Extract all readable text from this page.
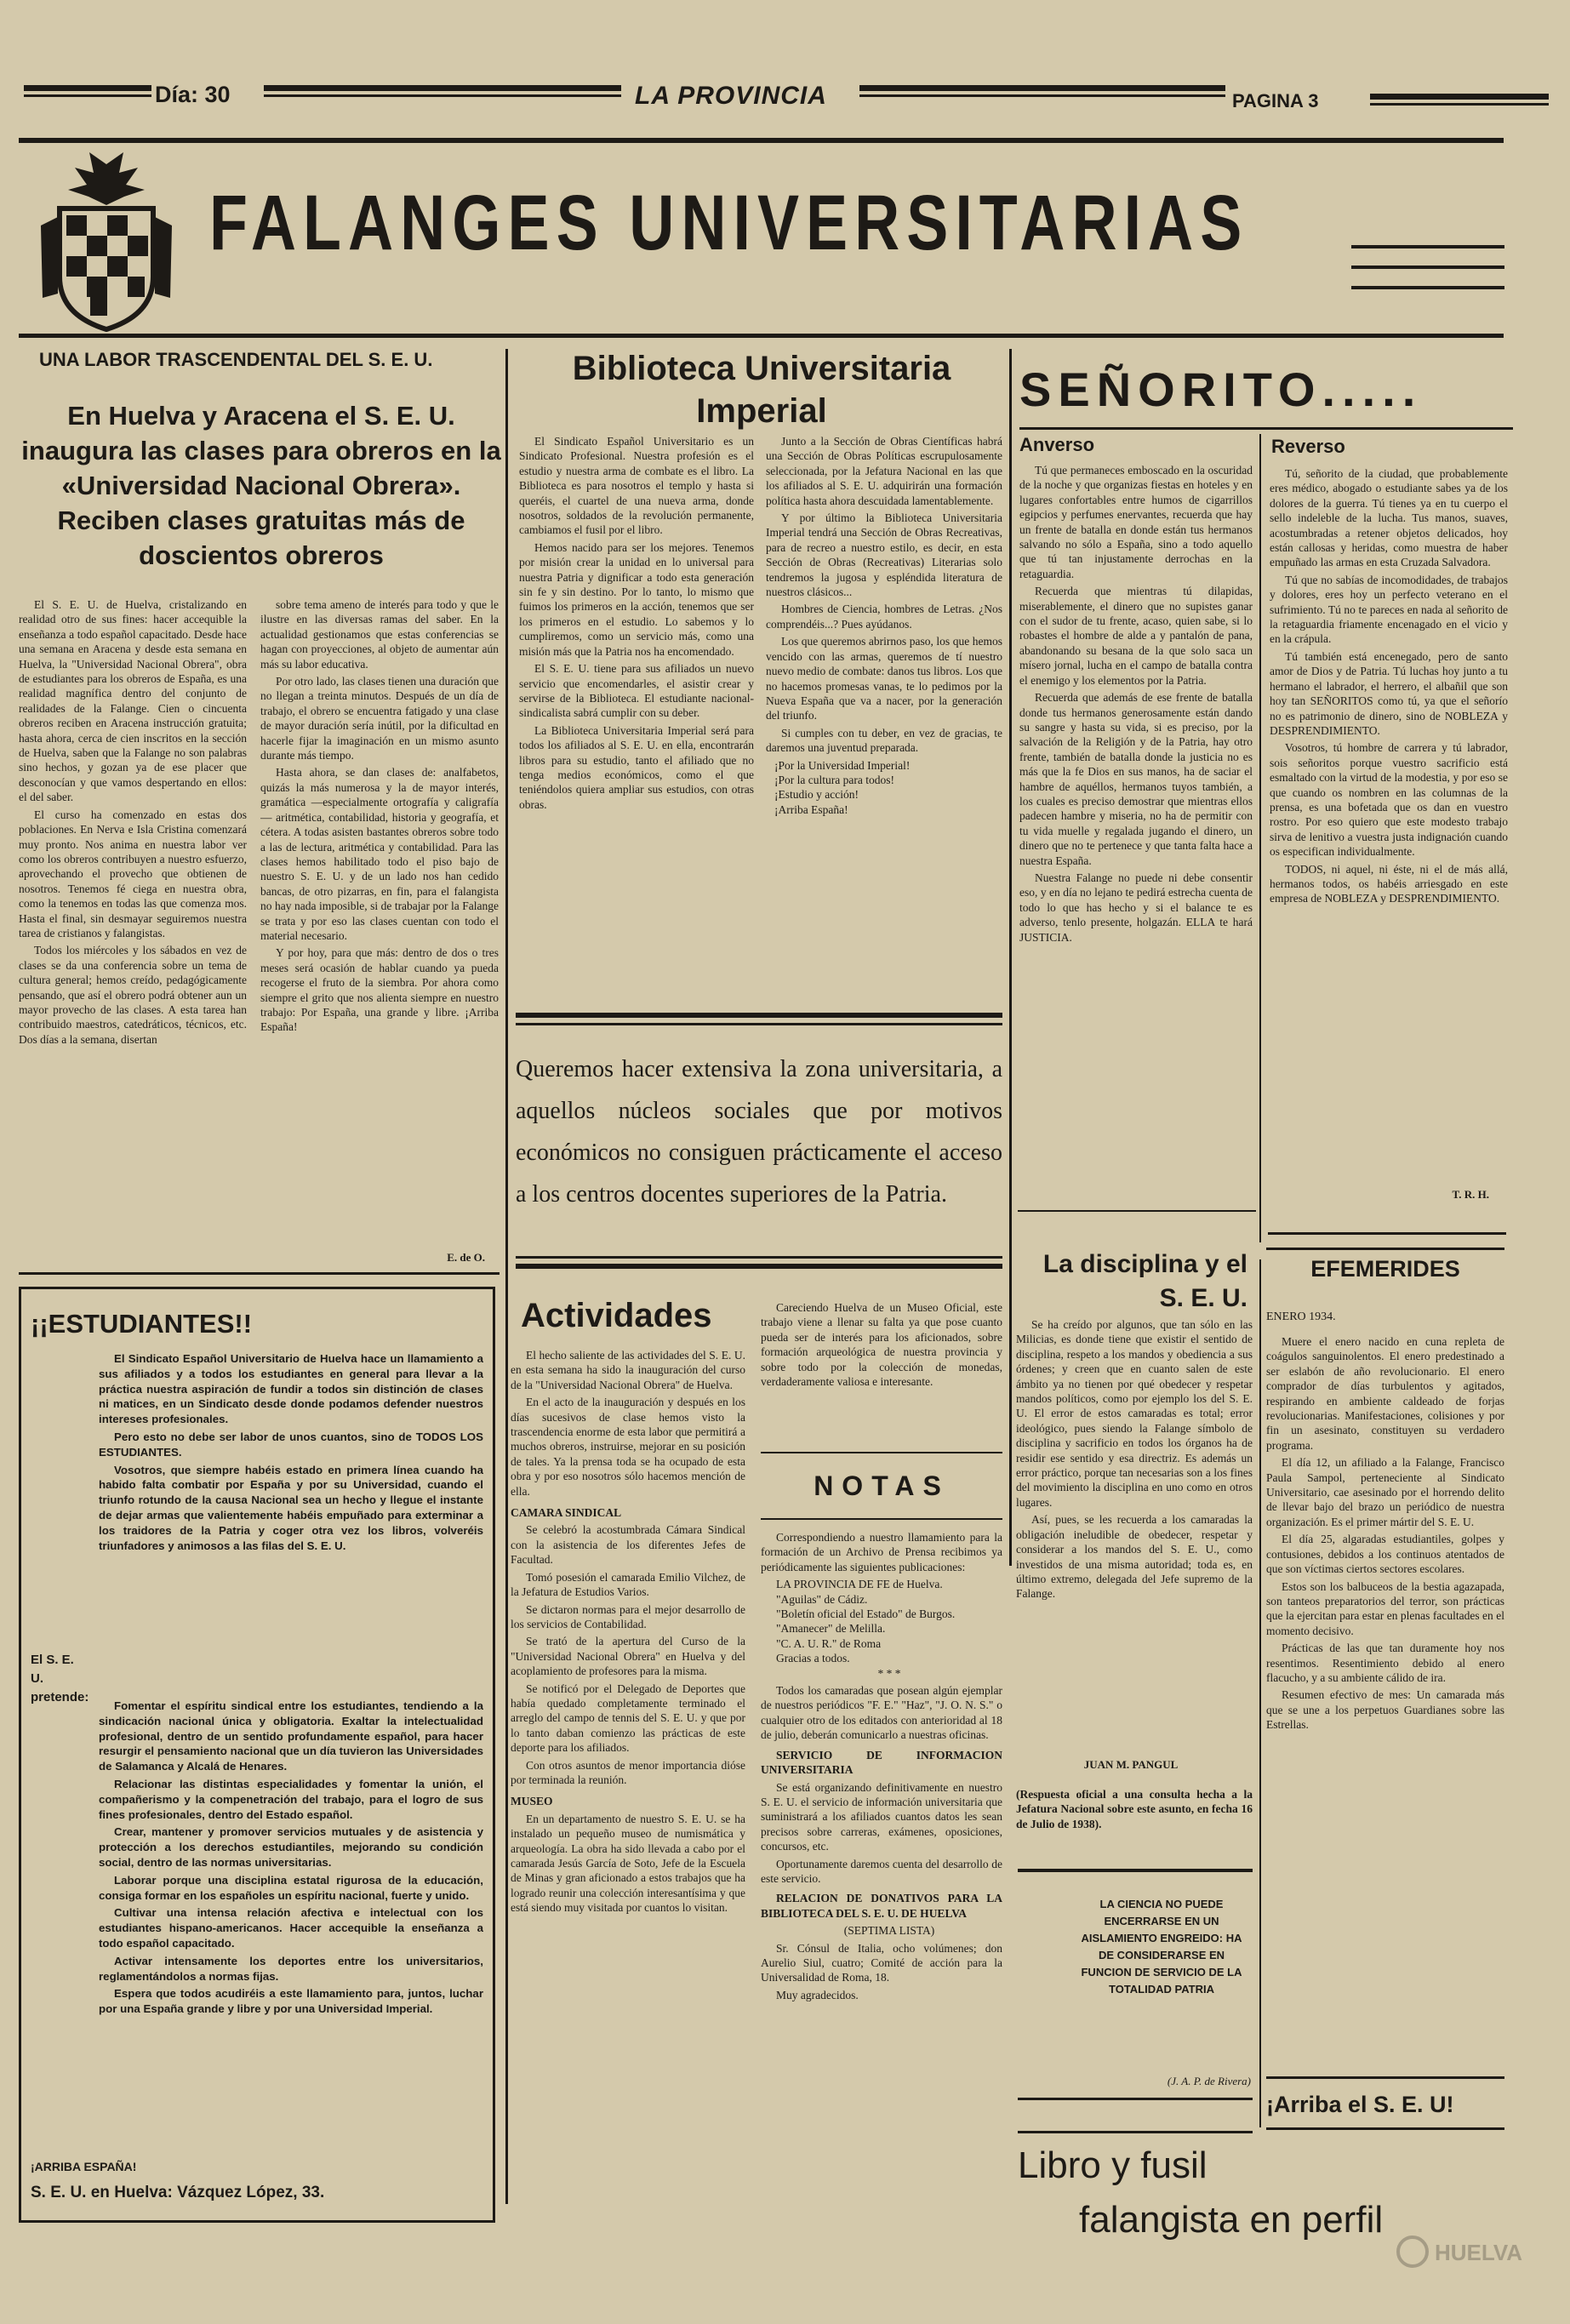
Día: 30	LA PROVINCIA	PAGINA 3
FALANGES UNIVERSITARIAS
UNA LABOR TRASCENDENTAL DEL S. E. U.
En Huelva y Aracena el S. E. U. inaugura las clases para obreros en la «Universidad Nacional Obrera». Reciben clases gratuitas más de doscientos obreros

El S. E. U. de Huelva, cristalizando en realidad otro de sus fines: hacer accequible la enseñanza a todo español capacitado. Desde hace una semana en Aracena y desde esta semana en Huelva, la "Universidad Nacional Obrera", obra de estudiantes para los obreros de España, es una realidad magnífica dentro del conjunto de realidades de la Falange. Cien o cincuenta obreros reciben en Aracena instrucción gratuita; hasta ahora, cerca de cien inscritos en la sección de Huelva, saben que la Falange no son palabras sino hechos, y gozan ya de ese placer que desconocían y que vamos despertando en ellos: el del saber.

El curso ha comenzado en estas dos poblaciones. En Nerva e Isla Cristina comenzará muy pronto. Nos anima en nuestra labor ver como los obreros contribuyen a nuestro esfuerzo, aprovechando el provecho que obtienen de nosotros. Tenemos fé ciega en nuestra obra, como la tenemos en todas las que comenza mos. Hasta el final, sin desmayar seguiremos nuestra tarea de cristianos y falangistas.

Todos los miércoles y los sábados en vez de clases se da una conferencia sobre un tema de cultura general; hemos creído, pedagógicamente pensando, que así el obrero podrá obtener aun un mayor provecho de las clases. A esta tarea han contribuido maestros, catedráticos, técnicos, etc. Dos días a la semana, disertan

sobre tema ameno de interés para todo y que le ilustre en las diversas ramas del saber. En la actualidad gestionamos que estas conferencias se hagan con proyecciones, al objeto de aumentar aún más su labor educativa.

Por otro lado, las clases tienen una duración que no llegan a treinta minutos. Después de un día de trabajo, el obrero se encuentra fatigado y una clase de mayor duración sería inútil, por la dificultad en hacerle fijar la imaginación en un mismo asunto durante más tiempo.

Hasta ahora, se dan clases de: analfabetos, quizás la más numerosa y la de mayor interés, gramática —especialmente ortografía y caligrafía— aritmética, contabilidad, historia y geografía, et cétera. A todas asisten bastantes obreros sobre todo a las de lectura, aritmética y contabilidad. Para las clases hemos habilitado todo el piso bajo de nuestro S. E. U. y de un lado nos han cedido bancas, de otro pizarras, en fin, para el falangista no hay nada imposible, si de trabajar por la Falange se trata y por eso las clases cuentan con todo el material necesario.

Y por hoy, para que más: dentro de dos o tres meses será ocasión de hablar cuando ya pueda recogerse el fruto de la siembra. Por ahora como siempre el grito que nos alienta siempre en nuestro trabajo: Por España, una grande y libre. ¡Arriba España!

E. de O.
Biblioteca Universitaria Imperial

El Sindicato Español Universitario es un Sindicato Profesional. Nuestra profesión es el estudio y nuestra arma de combate es el libro. La Biblioteca es para nosotros el templo y hasta si queréis, el cuartel de una nueva arma, donde nosotros, soldados de la revolución permanente, cambiamos el fusil por el libro.

Hemos nacido para ser los mejores. Tenemos por misión crear la unidad en lo universal para nuestra Patria y dignificar a todo esta generación sin fe y sin destino. Por lo tanto, lo mismo que fuimos los primeros en la acción, tenemos que ser los primeros en el estudio. Lo sabemos y lo cumpliremos, como un servicio más, como una misión más que la Patria nos ha encomendado.

El S. E. U. tiene para sus afiliados un nuevo servicio que encomendarles, el asistir crear y servirse de la Biblioteca. El estudiante nacional-sindicalista sabrá cumplir con su deber.

La Biblioteca Universitaria Imperial será para todos los afiliados al S. E. U. en ella, encontrarán libros para su estudio, tanto el afiliado que no tenga medios económicos, como el que teniéndolos quiera ampliar sus estudios, con otras obras.

Junto a la Sección de Obras Científicas habrá una Sección de Obras Políticas escrupulosamente seleccionada, por la Jefatura Nacional en las que los afiliados al S. E. U. adquirirán una formación política hasta ahora descuidada lamentablemente.

Y por último la Biblioteca Universitaria Imperial tendrá una Sección de Obras Recreativas, para de recreo a nuestro estilo, es decir, en esta Sección de Obras (Recreativas) Literarias solo tendremos la jugosa y espléndida literatura de nuestros clásicos...

Hombres de Ciencia, hombres de Letras. ¿Nos comprendéis...? Pues ayúdanos.

Los que queremos abrirnos paso, los que hemos vencido con las armas, queremos de tí nuestro nuevo medio de combate: danos tus libros. Los que no hacemos promesas vanas, te lo pedimos por la Nueva España que va a nacer, por la generación del triunfo.

Si cumples con tu deber, en vez de gracias, te daremos una juventud preparada.

¡Por la Universidad Imperial!
¡Por la cultura para todos!
¡Estudio y acción!
¡Arriba España!
Queremos hacer extensiva la zona universitaria, a aquellos núcleos sociales que por motivos económicos no consiguen prácticamente el acceso a los centros docentes superiores de la Patria.
SEÑORITO.....
Anverso	Reverso

Tú que permaneces emboscado en la oscuridad de la noche y que organizas fiestas en hoteles y en lugares confortables entre humos de cigarrillos egipcios y perfumes enervantes, recuerda que hay un frente de batalla en donde están tus hermanos salvando no sólo a España, sino a todo aquello que tú tan injustamente derrochas en la retaguardia.

Recuerda que mientras tú dilapidas, miserablemente, el dinero que no supistes ganar con el sudor de tu frente, acaso, quien sabe, si lo robastes el hombre de alde a y pantalón de pana, abandonando su besana de la que solo saca un mísero jornal, lucha en el campo de batalla contra el enemigo y los elementos por la Patria.

Recuerda que además de ese frente de batalla donde tus hermanos generosamente están dando su sangre y hasta su vida, si es preciso, por la salvación de la Religión y de la Patria, hay otro frente, también de batalla donde la justicia no es más que la fe Dios en sus manos, ha de saciar el hambre de aquéllos, hermanos tuyos también, a los cuales es preciso demostrar que mientras ellos padecen hambre y miseria, no ha de permitir con tu vida muelle y regalada jugando el dinero, un dinero que no te pertenece y que tanta falta hace a nuestra España.

Nuestra Falange no puede ni debe consentir eso, y en día no lejano te pedirá estrecha cuenta de todo lo que has hecho y si el balance te es adverso, tenlo presente, holgazán. ELLA te hará JUSTICIA.

Tú, señorito de la ciudad, que probablemente eres médico, abogado o estudiante sabes ya de los dolores de la guerra. Tú tienes ya en tu cuerpo el sello indeleble de la lucha. Tus manos, suaves, acostumbradas a retener objetos delicados, hoy están callosas y heridas, como muestra de haber empuñado las armas en esta Cruzada Salvadora.

Tú que no sabías de incomodidades, de trabajos y dolores, eres hoy un perfecto veterano en el sufrimiento. Tú no te pareces en nada al señorito de la retaguardia friamente encenagado en el vicio y en la crápula.

Tú también está encenegado, pero de santo amor de Dios y de Patria. Tú luchas hoy junto a tu hermano el labrador, el herrero, el albañil que son hoy tan SEÑORITOS como tú, ya que el señorío no es patrimonio de dinero, sino de NOBLEZA y DESPRENDIMIENTO.

Vosotros, tú hombre de carrera y tú labrador, sois señoritos porque vuestro sacrificio está esmaltado con la virtud de la modestia, y por eso se que cuando os nombren en las columnas de la prensa, es una bofetada que os dan en vuestro rostro. Por eso quiero que este modesto trabajo sirva de lenitivo a vuestra justa indignación cuando os especifican individualmente.

TODOS, ni aquel, ni éste, ni el de más allá, hermanos todos, os habéis arriesgado en este empresa de NOBLEZA y DESPRENDIMIENTO.

T. R. H.
¡¡ESTUDIANTES!!

El Sindicato Español Universitario de Huelva hace un llamamiento a sus afiliados y a todos los estudiantes en general para llevar a la práctica nuestra aspiración de fundir a todos sin distinción de clases ni matices, en un Sindicato desde donde podamos defender nuestros intereses profesionales.

Pero esto no debe ser labor de unos cuantos, sino de TODOS LOS ESTUDIANTES.

Vosotros, que siempre habéis estado en primera línea cuando ha habido falta combatir por España y por su Universidad, cuando el triunfo rotundo de la causa Nacional sea un hecho y llegue el instante de dejar armas que valientemente habéis empuñado para exterminar a los traidores de la Patria y coger otra vez los libros, volveréis triunfadores y animosos a las filas del S. E. U.

El S. E. U. pretende:

Fomentar el espíritu sindical entre los estudiantes, tendiendo a la sindicación nacional única y obligatoria. Exaltar la intelectualidad profesional, dentro de un sentido profundamente español, para hacer resurgir el pensamiento nacional que un día tuvieron las Universidades de Salamanca y Alcalá de Henares.

Relacionar las distintas especialidades y fomentar la unión, el compañerismo y la compenetración del trabajo, para el logro de sus fines profesionales, dentro del Estado español.

Crear, mantener y promover servicios mutuales y de asistencia y protección a los derechos estudiantiles, mejorando su condición social, dentro de las normas universitarias.

Laborar porque una disciplina estatal rigurosa de la educación, consiga formar en los españoles un espíritu nacional, fuerte y unido.

Cultivar una intensa relación afectiva e intelectual con los estudiantes hispano-americanos. Hacer accequible la enseñanza a todo español capacitado.

Activar intensamente los deportes entre los universitarios, reglamentándolos a normas fijas.

Espera que todos acudiréis a este llamamiento para, juntos, luchar por una España grande y libre y por una Universidad Imperial.

¡ARRIBA ESPAÑA!
S. E. U. en Huelva: Vázquez López, 33.
Actividades

El hecho saliente de las actividades del S. E. U. en esta semana ha sido la inauguración del curso de la "Universidad Nacional Obrera" de Huelva.

En el acto de la inauguración y después en los días sucesivos de clase hemos visto la trascendencia enorme de esta labor que permitirá a muchos obreros, instruirse, mejorar en su posición de tales. Ya la prensa toda se ha ocupado de esta obra y por eso nosotros sólo hacemos mención de ella.

CAMARA SINDICAL

Se celebró la acostumbrada Cámara Sindical con la asistencia de los diferentes Jefes de Facultad.

Tomó posesión el camarada Emilio Vilchez, de la Jefatura de Estudios Varios.

Se dictaron normas para el mejor desarrollo de los servicios de Contabilidad.

Se trató de la apertura del Curso de la "Universidad Nacional Obrera" en Huelva y del acoplamiento de profesores para la misma.

Se notificó por el Delegado de Deportes que había quedado completamente terminado el arreglo del campo de tennis del S. E. U. y que por lo tanto daban comienzo las prácticas de este deporte para los afiliados.

Con otros asuntos de menor importancia dióse por terminada la reunión.

MUSEO

En un departamento de nuestro S. E. U. se ha instalado un pequeño museo de numismática y arqueología. La obra ha sido llevada a cabo por el camarada Jesús García de Soto, Jefe de la Escuela de Minas y gran aficionado a estos trabajos que ha logrado reunir una colección interesantísima y que está siendo muy visitada por cuantos lo visitan.

Careciendo Huelva de un Museo Oficial, este trabajo viene a llenar su falta ya que pose cuanto pueda ser de interés para los aficionados, sobre formación arqueológica de nuestra provincia y sobre todo por la colección de monedas, verdaderamente valiosa e interesante.

NOTAS

Correspondiendo a nuestro llamamiento para la formación de un Archivo de Prensa recibimos ya periódicamente las siguientes publicaciones:

LA PROVINCIA DE FE de Huelva.
"Aguilas" de Cádiz.
"Boletín oficial del Estado" de Burgos.
"Amanecer" de Melilla.
"C. A. U. R." de Roma
Gracias a todos.

* * *

Todos los camaradas que posean algún ejemplar de nuestros periódicos "F. E." "Haz", "J. O. N. S." o cualquier otro de los editados con anterioridad al 18 de julio, deberán comunicarlo a nuestras oficinas.

SERVICIO DE INFORMACION UNIVERSITARIA

Se está organizando definitivamente en nuestro S. E. U. el servicio de información universitaria que suministrará a los afiliados cuantos datos les sean precisos sobre carreras, exámenes, oposiciones, concursos, etc.

Oportunamente daremos cuenta del desarrollo de este servicio.

RELACION DE DONATIVOS PARA LA BIBLIOTECA DEL S. E. U. DE HUELVA

(SEPTIMA LISTA)

Sr. Cónsul de Italia, ocho volúmenes; don Aurelio Siul, cuatro; Comité de acción para la Universalidad de Roma, 18.

Muy agradecidos.

La disciplina y el S. E. U.

Se ha creído por algunos, que tan sólo en las Milicias, es donde tiene que existir el sentido de disciplina, respeto a los mandos y obediencia a sus órdenes; y creen que en cuanto salen de este ámbito ya no tienen por qué obedecer y respetar mandos políticos, como por ejemplo los del S. E. U. El error de estos camaradas es total; error ideológico, pues siendo la Falange símbolo de disciplina y sacrificio en todos los órganos ha de residir ese sentido y esa directriz. Es además un error práctico, porque tan necesarias son a los fines del movimiento la disciplina en uno como en otros lugares.

Así, pues, se les recuerda a los camaradas la obligación ineludible de obedecer, respetar y considerar a los mandos del S. E. U., como investidos de una misma autoridad; toda es, en último extremo, delegada del Jefe supremo de la Falange.

JUAN M. PANGUL
(Respuesta oficial a una consulta hecha a la Jefatura Nacional sobre este asunto, en fecha 16 de Julio de 1938).
LA CIENCIA NO PUEDE ENCERRARSE EN UN AISLAMIENTO ENGREIDO: HA DE CONSIDERARSE EN FUNCION DE SERVICIO DE LA TOTALIDAD PATRIA
(J. A. P. de Rivera)
EFEMERIDES
ENERO 1934.

Muere el enero nacido en cuna repleta de coágulos sanguinolentos. El enero predestinado a ser eslabón de año revolucionario. El enero comprador de días turbulentos y agitados, respirando en ambiente caldeado de forjas revolucionarias. Manifestaciones, colisiones y por fin un asesinato, constituyen su verdadero programa.

El día 12, un afiliado a la Falange, Francisco Paula Sampol, perteneciente al Sindicato Universitario, cae asesinado por el horrendo delito de llevar bajo del brazo un periódico de nuestra organización. Es el primer mártir del S. E. U.

El día 25, algaradas estudiantiles, golpes y contusiones, debidos a los continuos atentados de que son víctimas ciertos sectores escolares.

Estos son los balbuceos de la bestia agazapada, son tanteos preparatorios del terror, son prácticas que la ejercitan para estar en plenas facultades en el momento decisivo.

Prácticas de las que tan duramente hoy nos resentimos. Resentimiento debido al enero flacucho, y a su ambiente cálido de ira.

Resumen efectivo de mes: Un camarada más que se une a los perpetuos Guardianes sobre las Estrellas.

¡Arriba el S. E. U!
Libro y fusil
falangista en perfil
HUELVA
